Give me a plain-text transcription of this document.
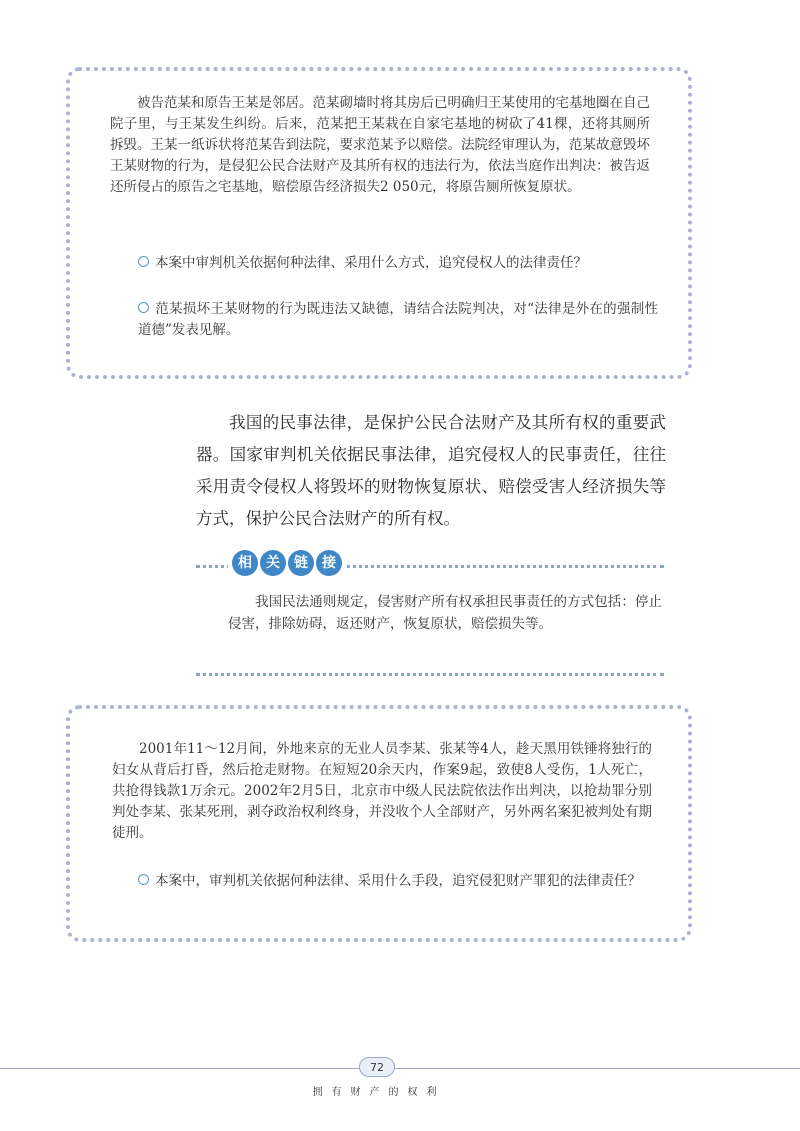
被告范某和原告王某是邻居。范某砌墙时将其房后已明确归王某使用的宅基地圈在自己院子里，与王某发生纠纷。后来，范某把王某栽在自家宅基地的树砍了41棵，还将其厕所拆毁。王某一纸诉状将范某告到法院，要求范某予以赔偿。法院经审理认为，范某故意毁坏王某财物的行为，是侵犯公民合法财产及其所有权的违法行为，依法当庭作出判决：被告返还所侵占的原告之宅基地，赔偿原告经济损失2 050元，将原告厕所恢复原状。

本案中审判机关依据何种法律、采用什么方式，追究侵权人的法律责任？

范某损坏王某财物的行为既违法又缺德，请结合法院判决，对“法律是外在的强制性道德”发表见解。

我国的民事法律，是保护公民合法财产及其所有权的重要武器。国家审判机关依据民事法律，追究侵权人的民事责任，往往采用责令侵权人将毁坏的财物恢复原状、赔偿受害人经济损失等方式，保护公民合法财产的所有权。

相	关	链	接

我国民法通则规定，侵害财产所有权承担民事责任的方式包括：停止侵害，排除妨碍，返还财产，恢复原状，赔偿损失等。

2001年11～12月间，外地来京的无业人员李某、张某等4人，趁天黑用铁锤将独行的妇女从背后打昏，然后抢走财物。在短短20余天内，作案9起，致使8人受伤，1人死亡，共抢得钱款1万余元。2002年2月5日，北京市中级人民法院依法作出判决，以抢劫罪分别判处李某、张某死刑，剥夺政治权利终身，并没收个人全部财产，另外两名案犯被判处有期徒刑。

本案中，审判机关依据何种法律、采用什么手段，追究侵犯财产罪犯的法律责任？

72
拥有财产的权利
